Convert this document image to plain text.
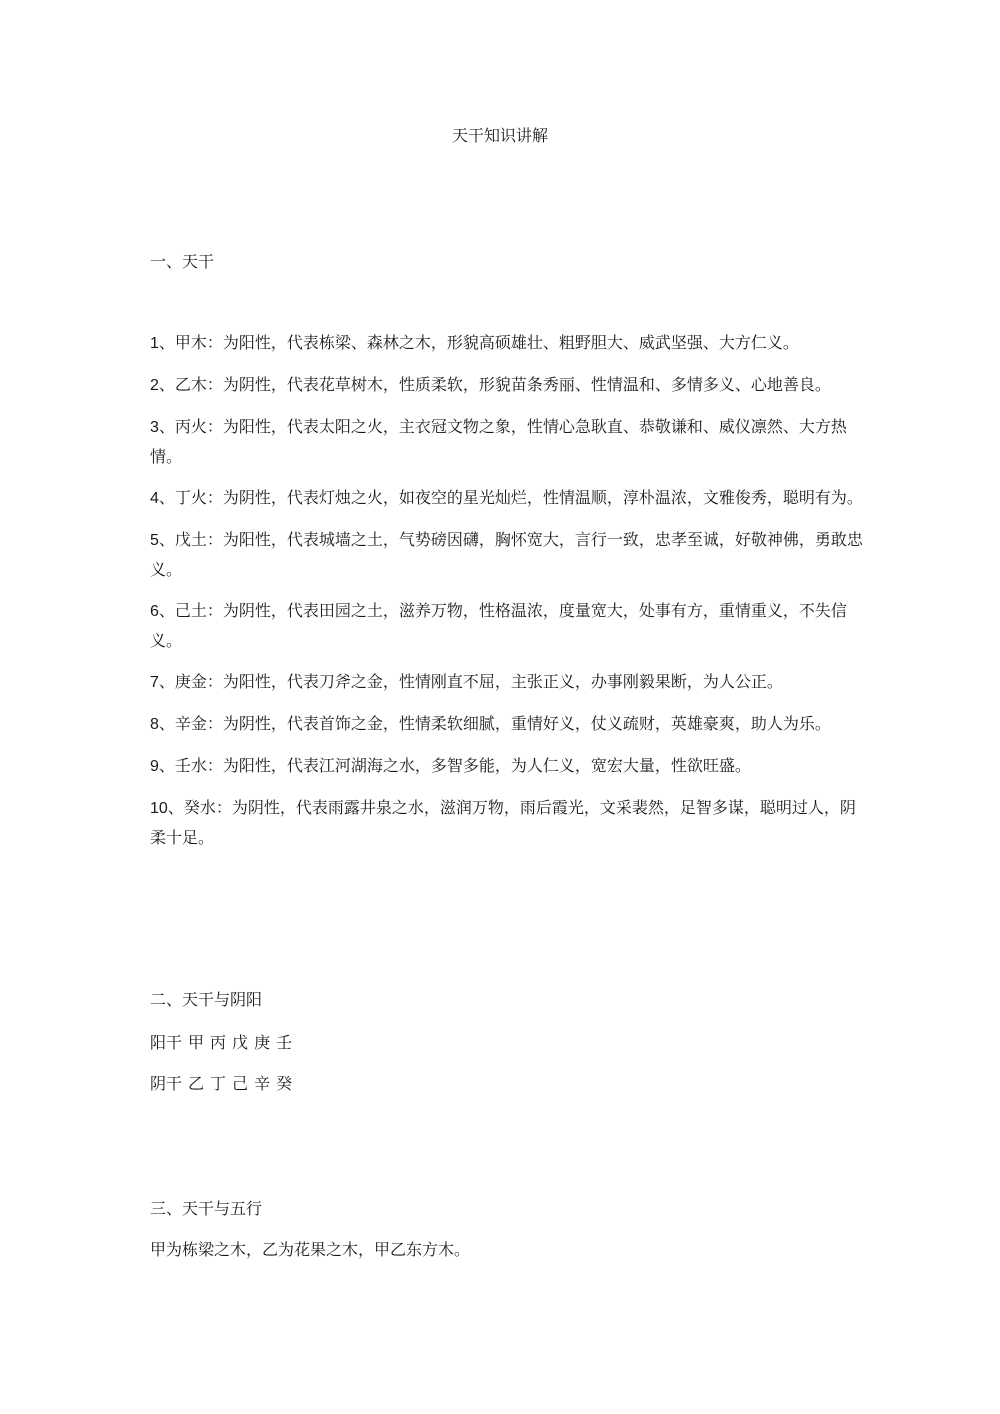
天干知识讲解
一、天干

1、甲木：为阳性，代表栋梁、森林之木，形貌高硕雄壮、粗野胆大、威武坚强、大方仁义。

2、乙木：为阴性，代表花草树木，性质柔软，形貌苗条秀丽、性情温和、多情多义、心地善良。

3、丙火：为阳性，代表太阳之火，主衣冠文物之象，性情心急耿直、恭敬谦和、威仪凛然、大方热情。

4、丁火：为阴性，代表灯烛之火，如夜空的星光灿烂，性情温顺，淳朴温浓，文雅俊秀，聪明有为。

5、戊土：为阳性，代表城墙之土，气势磅因礴，胸怀宽大，言行一致，忠孝至诚，好敬神佛，勇敢忠义。

6、己土：为阴性，代表田园之土，滋养万物，性格温浓，度量宽大，处事有方，重情重义，不失信义。

7、庚金：为阳性，代表刀斧之金，性情刚直不屈，主张正义，办事刚毅果断，为人公正。

8、辛金：为阴性，代表首饰之金，性情柔软细腻，重情好义，仗义疏财，英雄豪爽，助人为乐。

9、壬水：为阳性，代表江河湖海之水，多智多能，为人仁义，宽宏大量，性欲旺盛。

10、癸水：为阴性，代表雨露井泉之水，滋润万物，雨后霞光，文采裴然，足智多谋，聪明过人，阴柔十足。

二、天干与阴阳
阳干 甲 丙 戊 庚 壬
阴干 乙 丁 己 辛 癸
三、天干与五行
甲为栋梁之木，乙为花果之木，甲乙东方木。
